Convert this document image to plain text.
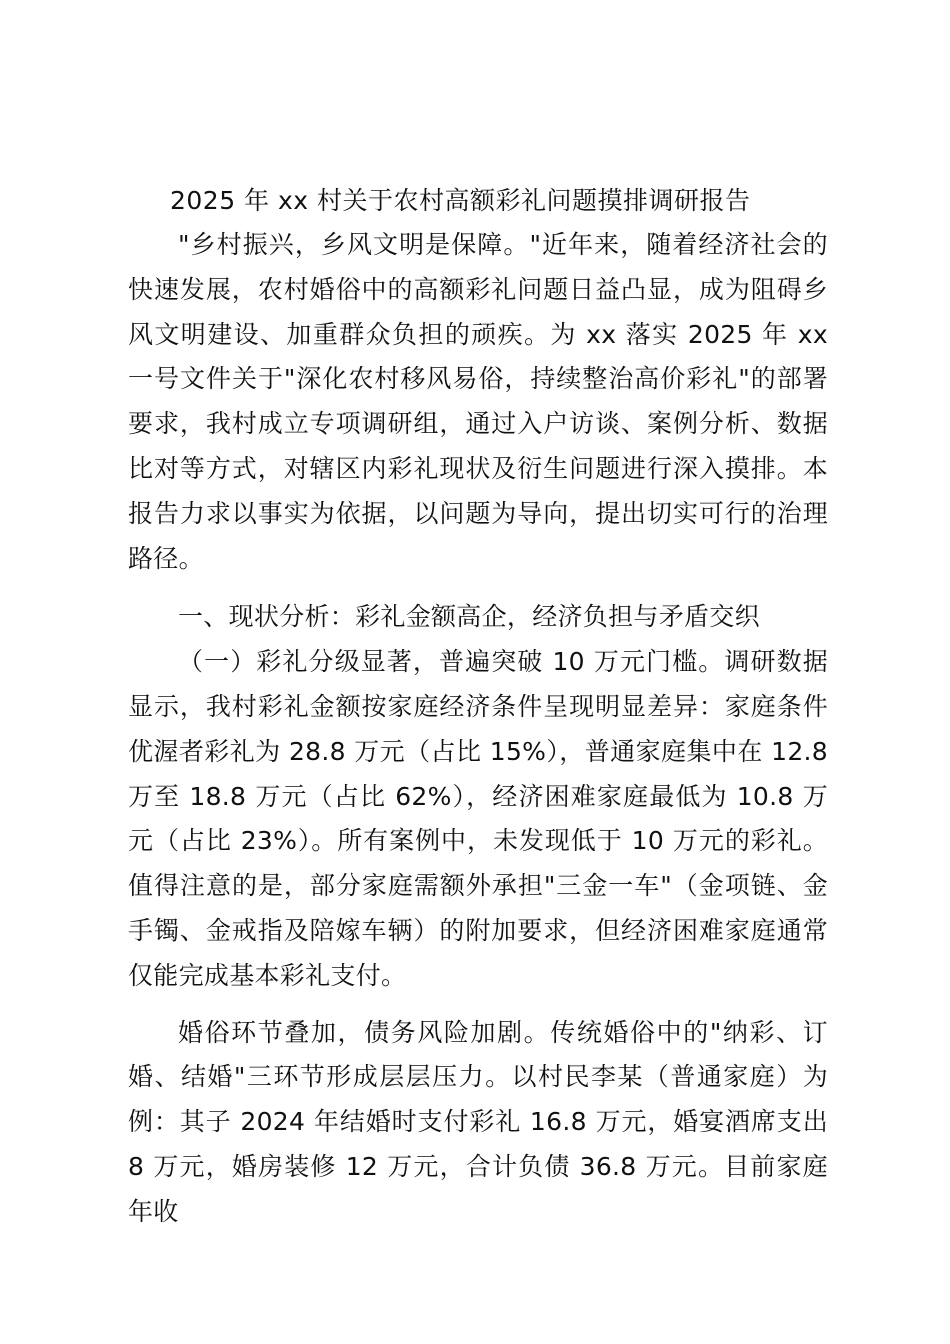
2025 年 xx 村关于农村高额彩礼问题摸排调研报告

"乡村振兴，乡风文明是保障。"近年来，随着经济社会的快速发展，农村婚俗中的高额彩礼问题日益凸显，成为阻碍乡风文明建设、加重群众负担的顽疾。为 xx 落实 2025 年 xx 一号文件关于"深化农村移风易俗，持续整治高价彩礼"的部署要求，我村成立专项调研组，通过入户访谈、案例分析、数据比对等方式，对辖区内彩礼现状及衍生问题进行深入摸排。本报告力求以事实为依据，以问题为导向，提出切实可行的治理路径。

一、现状分析：彩礼金额高企，经济负担与矛盾交织

（一）彩礼分级显著，普遍突破 10 万元门槛。调研数据显示，我村彩礼金额按家庭经济条件呈现明显差异：家庭条件优渥者彩礼为 28.8 万元（占比 15%），普通家庭集中在 12.8 万至 18.8 万元（占比 62%），经济困难家庭最低为 10.8 万元（占比 23%）。所有案例中，未发现低于 10 万元的彩礼。值得注意的是，部分家庭需额外承担"三金一车"（金项链、金手镯、金戒指及陪嫁车辆）的附加要求，但经济困难家庭通常仅能完成基本彩礼支付。

婚俗环节叠加，债务风险加剧。传统婚俗中的"纳彩、订婚、结婚"三环节形成层层压力。以村民李某（普通家庭）为例：其子 2024 年结婚时支付彩礼 16.8 万元，婚宴酒席支出 8 万元，婚房装修 12 万元，合计负债 36.8 万元。目前家庭年收
